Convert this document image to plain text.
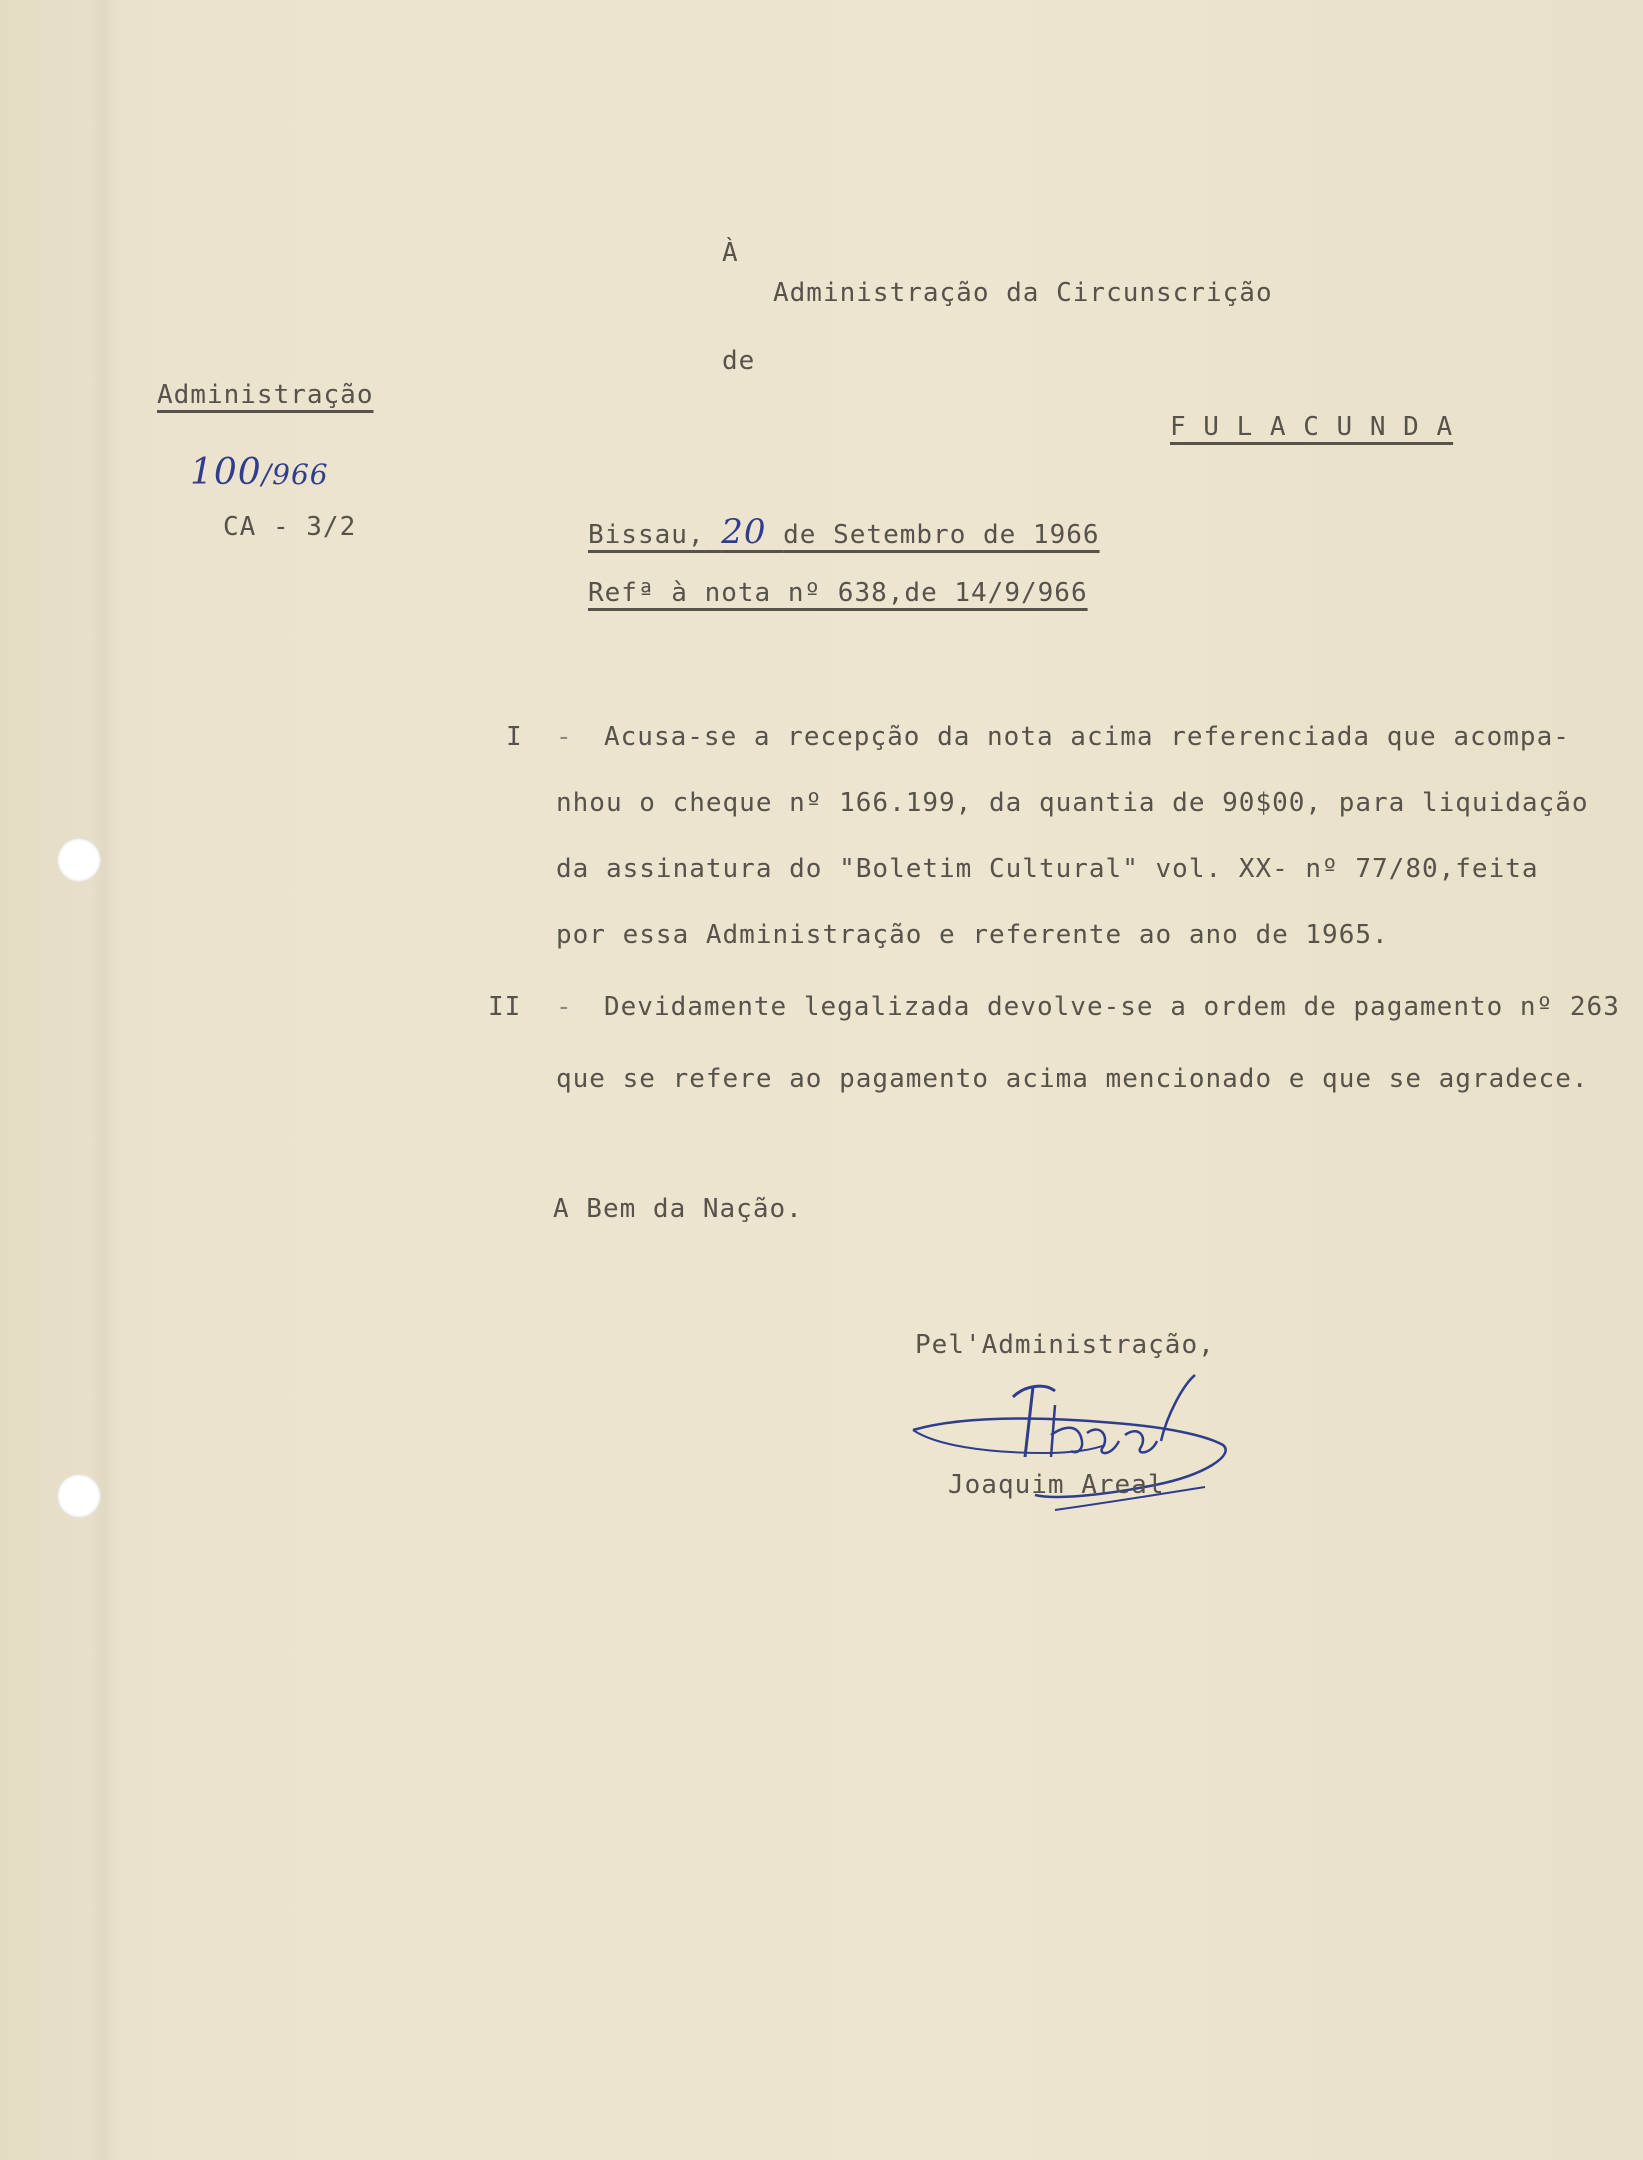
À

Administração da Circunscrição

de

F U L A C U N D A

Administração

100/966

CA - 3/2	Bissau, 20 de Setembro de 1966

Refª à nota nº 638,de 14/9/966

I - Acusa-se a recepção da nota acima referenciada que acompa-

nhou o cheque nº 166.199, da quantia de 90$00, para liquidação

da assinatura do "Boletim Cultural" vol. XX- nº 77/80,feita

por essa Administração e referente ao ano de 1965.

II - Devidamente legalizada devolve-se a ordem de pagamento nº 263

que se refere ao pagamento acima mencionado e que se agradece.

A Bem da Nação.

Pel'Administração,

Joaquim Areal
